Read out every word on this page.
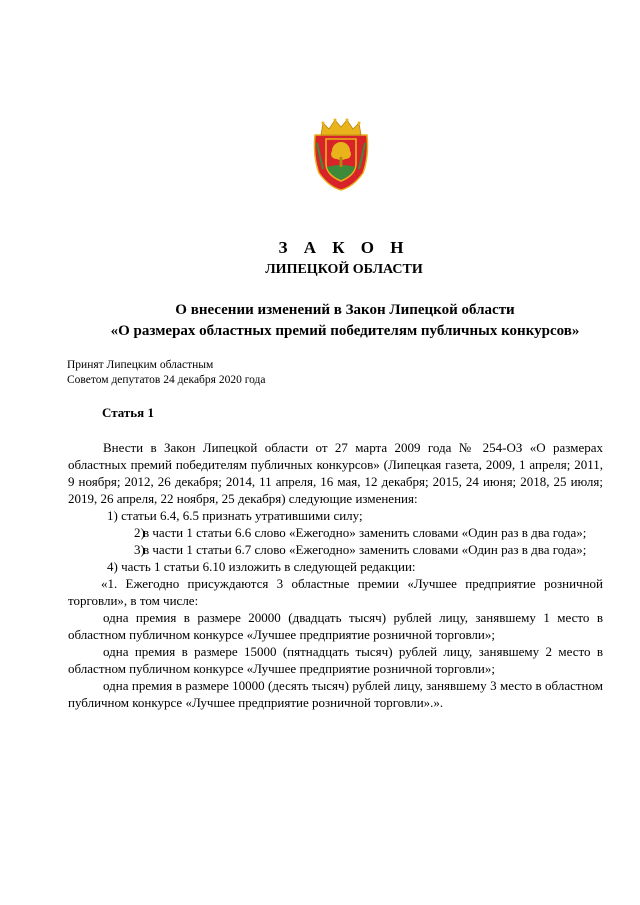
З А К О Н
ЛИПЕЦКОЙ ОБЛАСТИ
О внесении изменений в Закон Липецкой области
«О размерах областных премий победителям публичных конкурсов»
Принят Липецким областным
Советом депутатов 24 декабря 2020 года
Статья 1

Внести в Закон Липецкой области от 27 марта 2009 года № 254-ОЗ «О размерах областных премий победителям публичных конкурсов» (Липецкая газета, 2009, 1 апреля; 2011, 9 ноября; 2012, 26 декабря; 2014, 11 апреля, 16 мая, 12 декабря; 2015, 24 июня; 2018, 25 июля; 2019, 26 апреля, 22 ноября, 25 декабря) следующие изменения:

1) статьи 6.4, 6.5 признать утратившими силу;

2)в части 1 статьи 6.6 слово «Ежегодно» заменить словами «Один раз в два года»;

3)в части 1 статьи 6.7 слово «Ежегодно» заменить словами «Один раз в два года»;

4) часть 1 статьи 6.10 изложить в следующей редакции:

«1. Ежегодно присуждаются 3 областные премии «Лучшее предприятие розничной торговли», в том числе:

одна премия в размере 20000 (двадцать тысяч) рублей лицу, занявшему 1 место в областном публичном конкурсе «Лучшее предприятие розничной торговли»;

одна премия в размере 15000 (пятнадцать тысяч) рублей лицу, занявшему 2 место в областном публичном конкурсе «Лучшее предприятие розничной торговли»;

одна премия в размере 10000 (десять тысяч) рублей лицу, занявшему 3 место в областном публичном конкурсе «Лучшее предприятие розничной торговли».».
